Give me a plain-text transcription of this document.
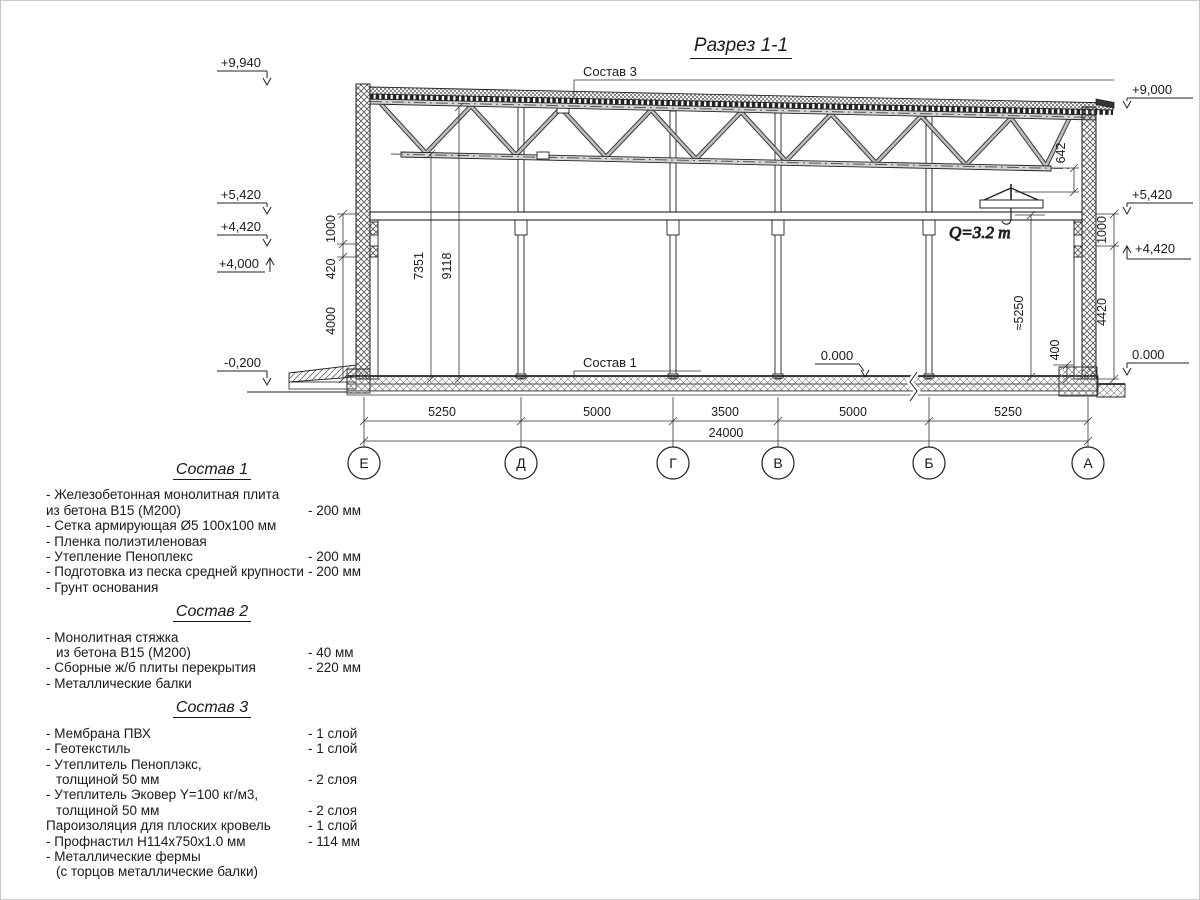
Разрез 1-1
Q=3.2 т
7351 9118
1000
420
4000
1000
4420
642
≈5250
400
5250	5000	3500	5000	5250
24000
Е	Д	Г	В	Б	А
+9,940
+5,420
+4,420
+4,000
-0,200
+9,000
+5,420
+4,420
0.000
0.000
Состав 3
Состав 1
Состав 1
- Железобетонная монолитная плита
из бетона В15 (М200)	- 200 мм
- Сетка армирующая Ø5 100х100 мм
- Пленка полиэтиленовая
- Утепление Пеноплекс	- 200 мм
- Подготовка из песка средней крупности - 200 мм
- Грунт основания
Состав 2
- Монолитная стяжка
из бетона В15 (М200)	- 40 мм
- Сборные ж/б плиты перекрытия	- 220 мм
- Металлические балки
Состав 3
- Мембрана ПВХ	- 1 слой
- Геотекстиль	- 1 слой
- Утеплитель Пеноплэкс,
толщиной 50 мм	- 2 слоя
- Утеплитель Эковер Y=100 кг/м3,
толщиной 50 мм	- 2 слоя
Пароизоляция для плоских кровель	- 1 слой
- Профнастил Н114х750х1.0 мм	- 114 мм
- Металлические фермы
(с торцов металлические балки)
